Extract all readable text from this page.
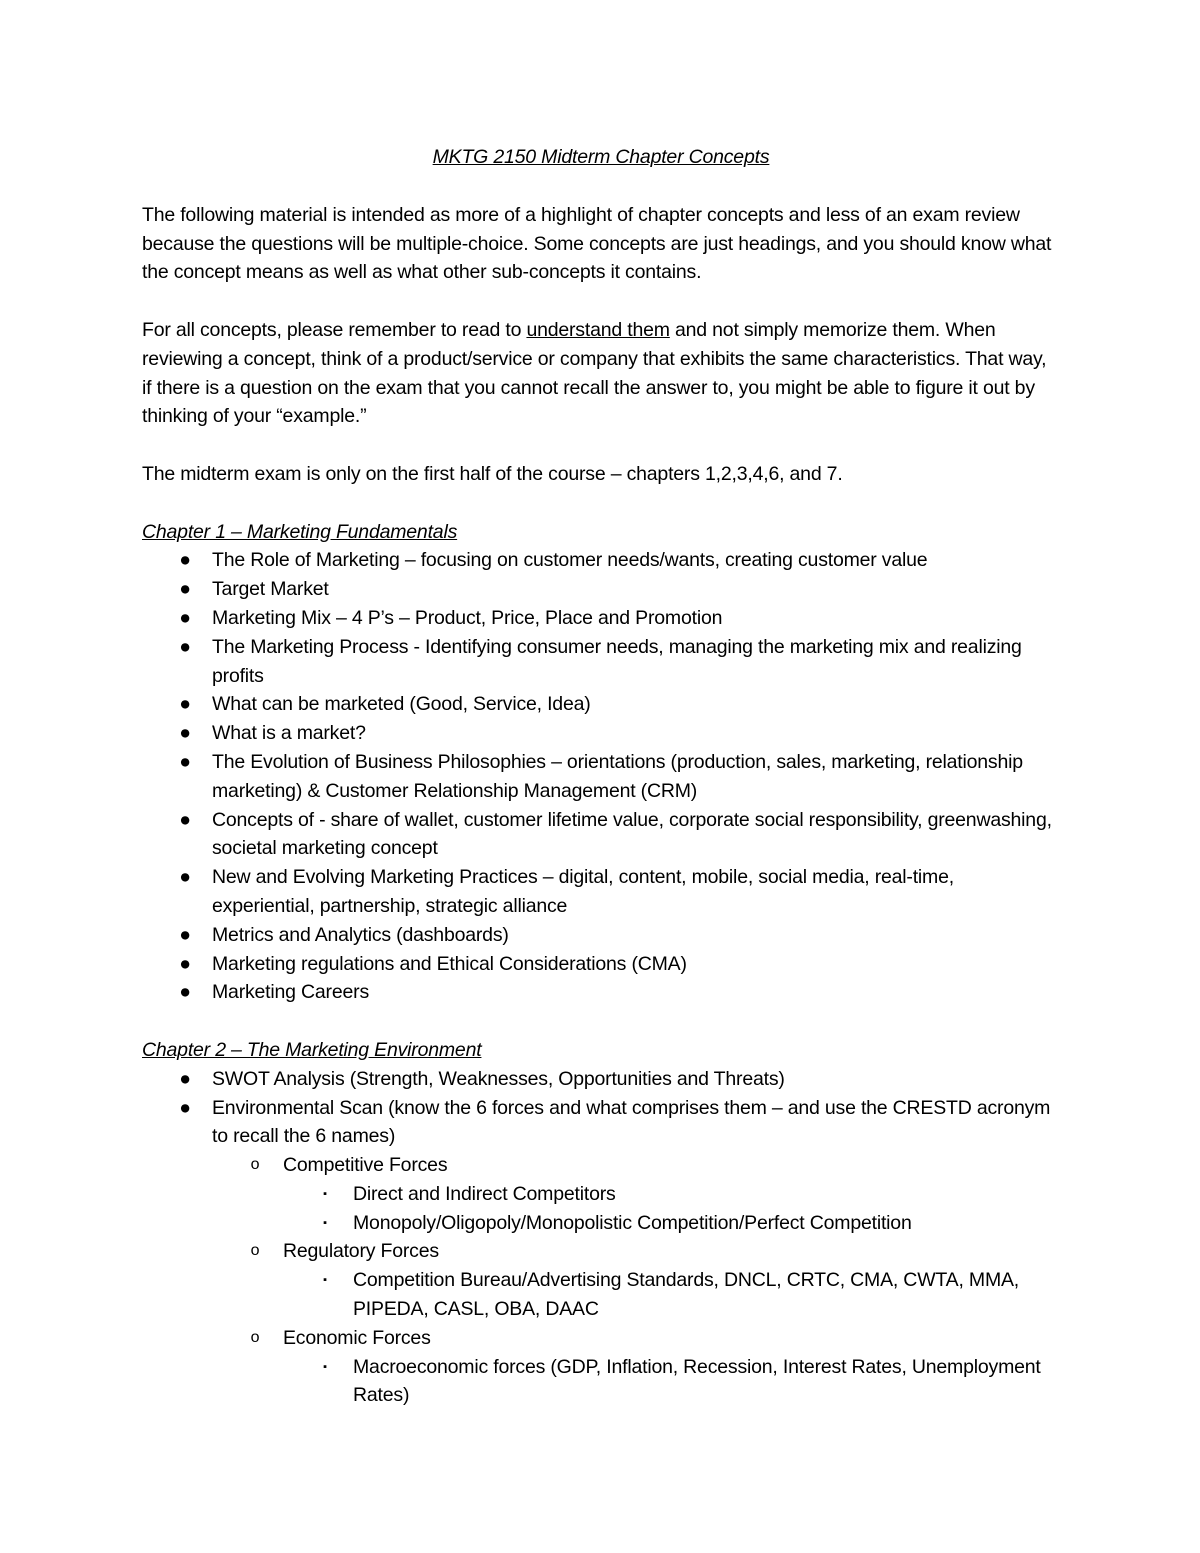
MKTG 2150 Midterm Chapter Concepts

The following material is intended as more of a highlight of chapter concepts and less of an exam review because the questions will be multiple-choice. Some concepts are just headings, and you should know what the concept means as well as what other sub-concepts it contains.

For all concepts, please remember to read to understand them and not simply memorize them. When reviewing a concept, think of a product/service or company that exhibits the same characteristics. That way, if there is a question on the exam that you cannot recall the answer to, you might be able to figure it out by thinking of your “example.”

The midterm exam is only on the first half of the course – chapters 1,2,3,4,6, and 7.

Chapter 1 – Marketing Fundamentals
● The Role of Marketing – focusing on customer needs/wants, creating customer value
● Target Market
● Marketing Mix – 4 P’s – Product, Price, Place and Promotion
● The Marketing Process - Identifying consumer needs, managing the marketing mix and realizing profits
● What can be marketed (Good, Service, Idea)
● What is a market?
● The Evolution of Business Philosophies – orientations (production, sales, marketing, relationship marketing) & Customer Relationship Management (CRM)
● Concepts of - share of wallet, customer lifetime value, corporate social responsibility, greenwashing, societal marketing concept
● New and Evolving Marketing Practices – digital, content, mobile, social media, real-time, experiential, partnership, strategic alliance
● Metrics and Analytics (dashboards)
● Marketing regulations and Ethical Considerations (CMA)
● Marketing Careers
Chapter 2 – The Marketing Environment
● SWOT Analysis (Strength, Weaknesses, Opportunities and Threats)
● Environmental Scan (know the 6 forces and what comprises them – and use the CRESTD acronym to recall the 6 names)
o Competitive Forces
▪	Direct and Indirect Competitors
▪	Monopoly/Oligopoly/Monopolistic Competition/Perfect Competition
o Regulatory Forces
▪	Competition Bureau/Advertising Standards, DNCL, CRTC, CMA, CWTA, MMA, PIPEDA, CASL, OBA, DAAC
o Economic Forces
▪	Macroeconomic forces (GDP, Inflation, Recession, Interest Rates, Unemployment Rates)
